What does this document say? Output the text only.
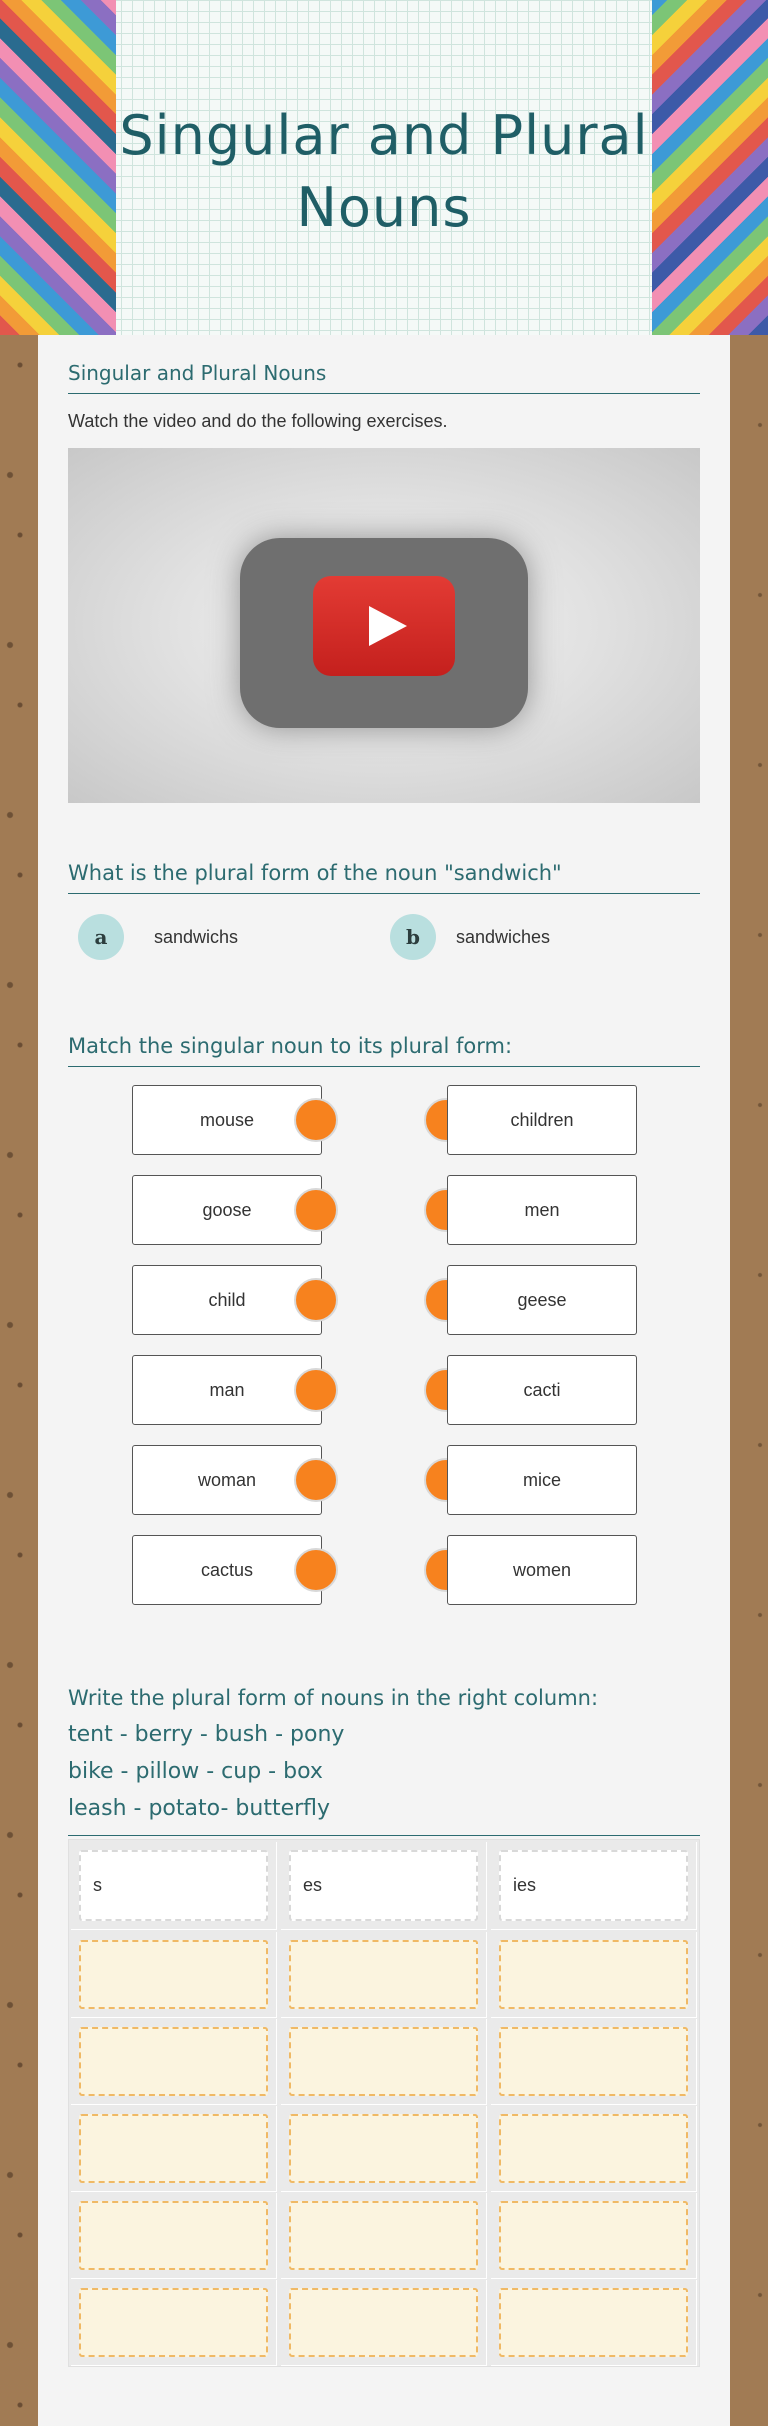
Singular and Plural
Nouns
Singular and Plural Nouns
Watch the video and do the following exercises.
What is the plural form of the noun "sandwich"
a	sandwichs	b	sandwiches
Match the singular noun to its plural form:
mouse	children
goose	men
child	geese
man	cacti
woman	mice
cactus	women
Write the plural form of nouns in the right column:
tent - berry - bush - pony
bike - pillow - cup - box
leash - potato- butterfly
s	es	ies
